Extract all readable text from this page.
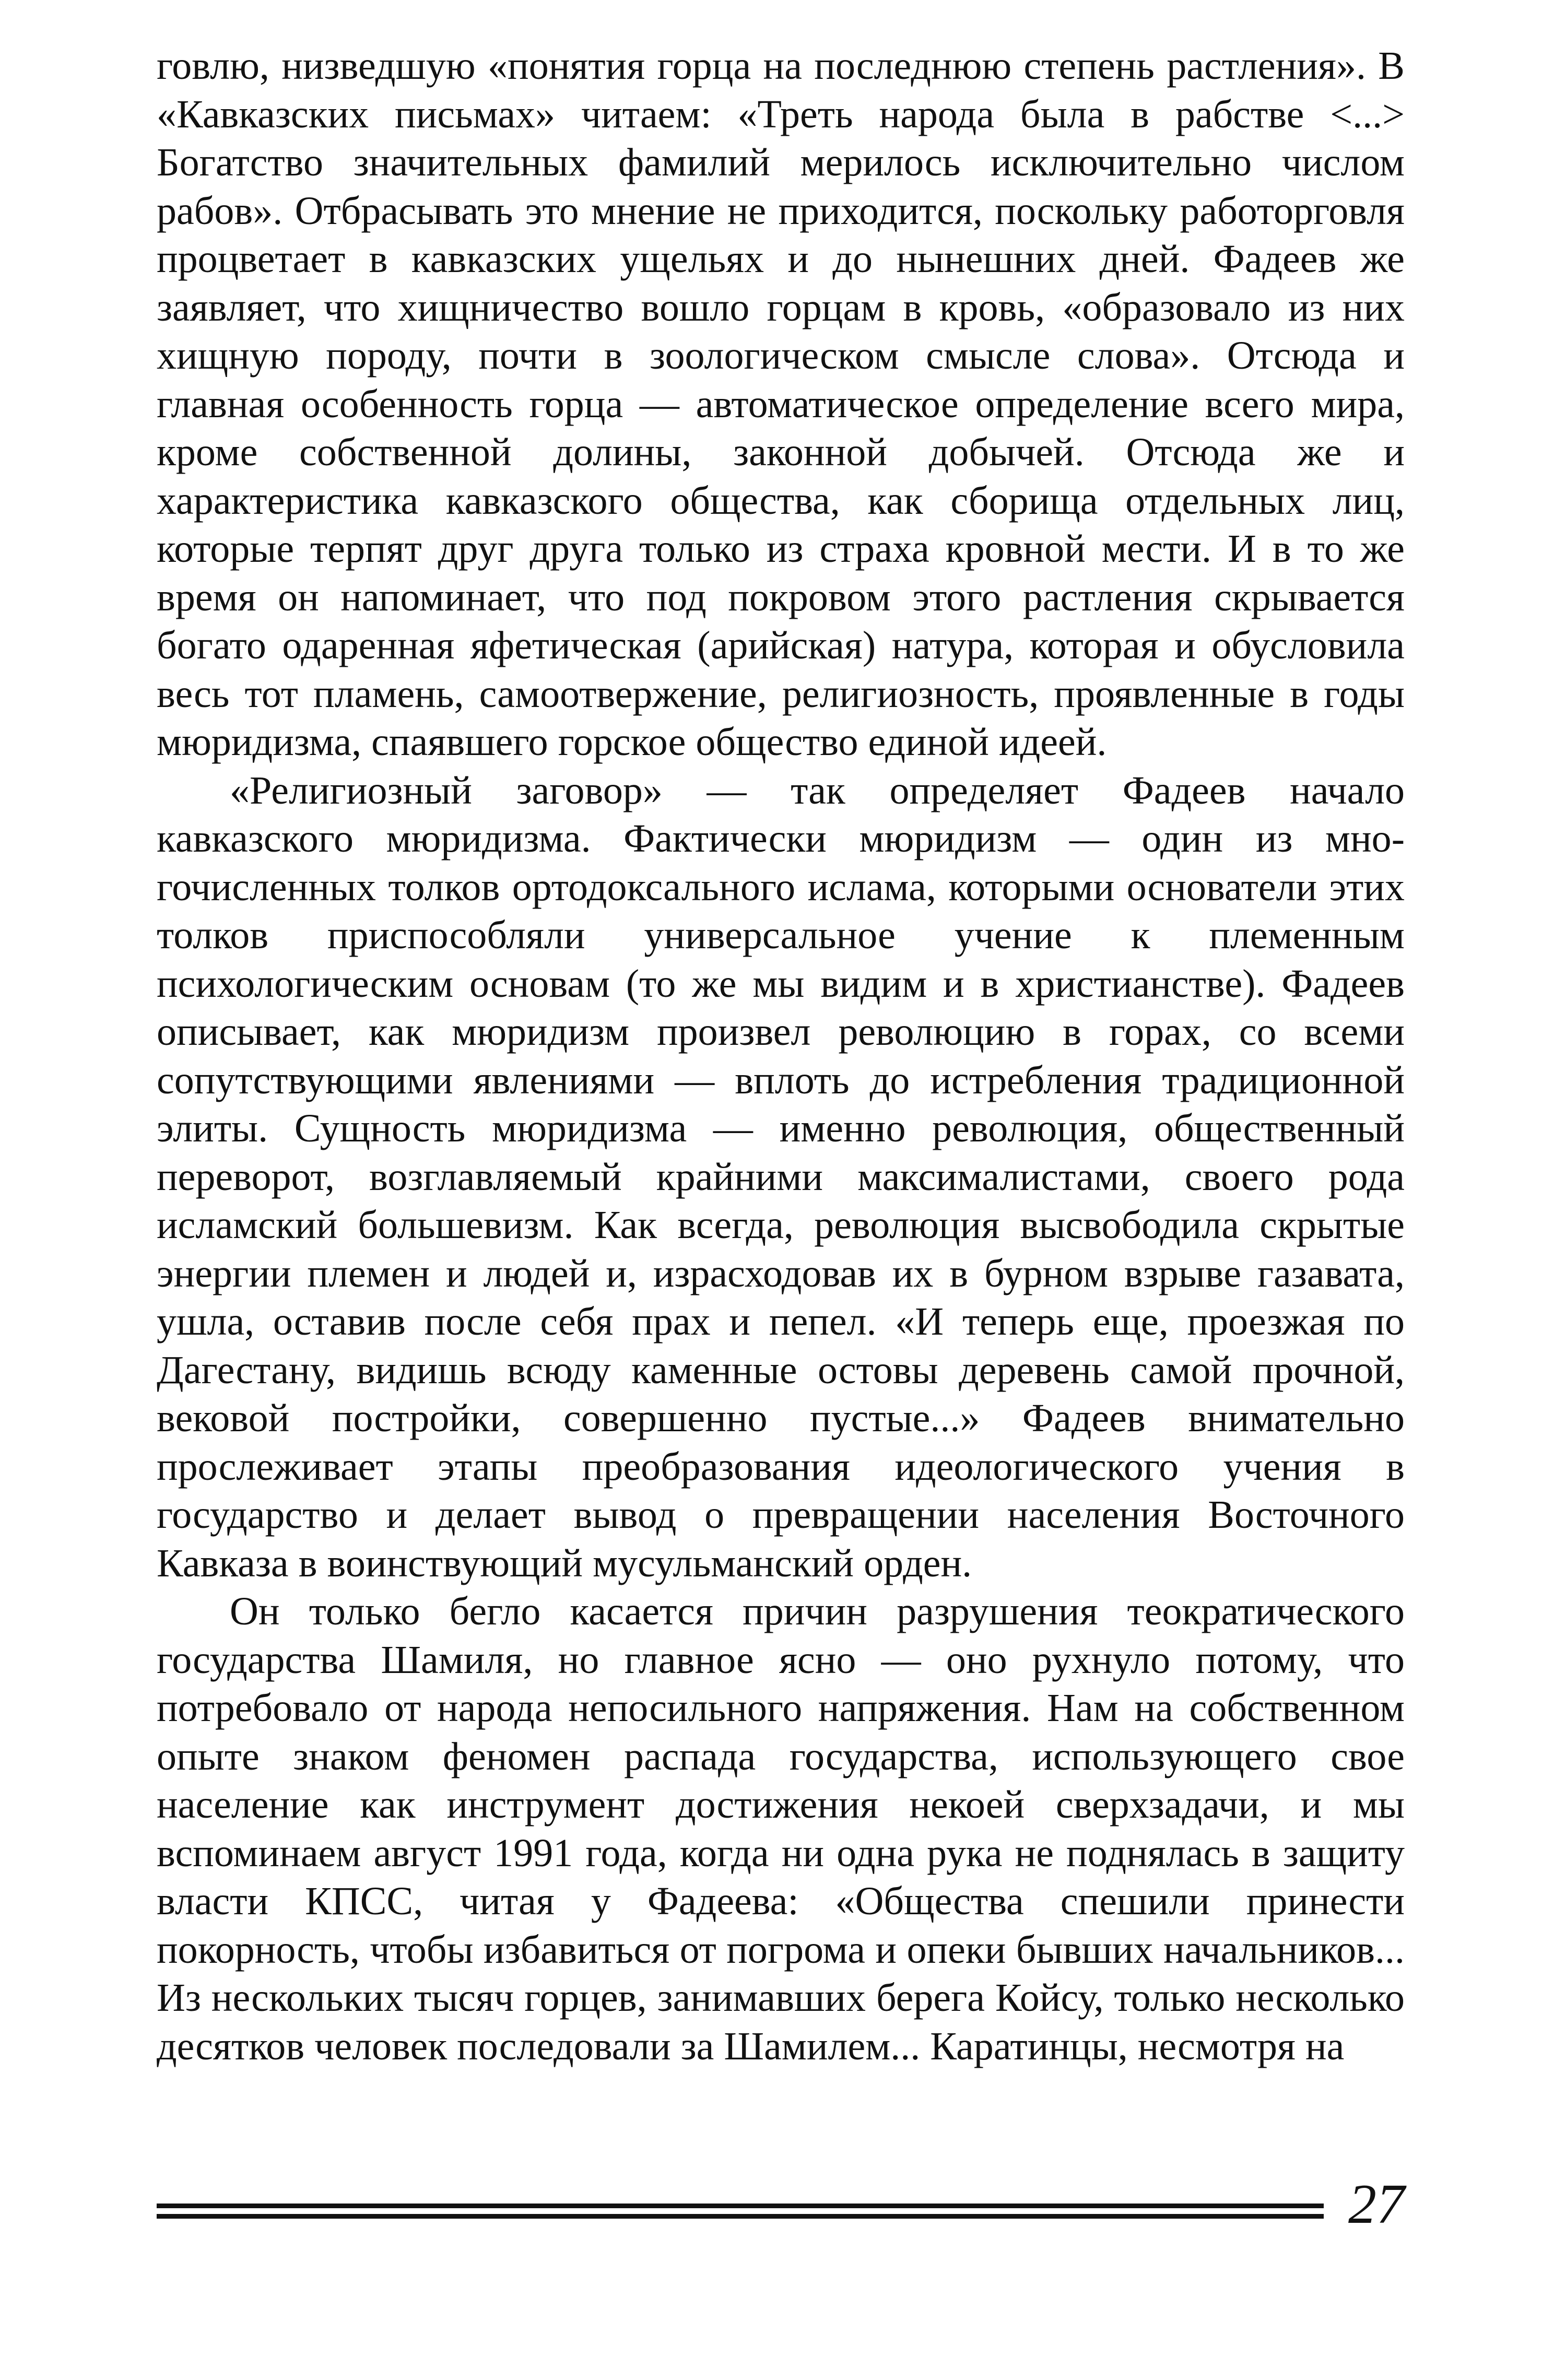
говлю, низведшую «понятия горца на последнюю степень растления». В «Кавказских письмах» читаем: «Треть народа была в рабстве <...> Богатство значительных фамилий мерилось исключительно числом рабов». Отбрасывать это мнение не приходится, поскольку работорговля процветает в кавказских ущельях и до нынешних дней. Фадеев же заявляет, что хищничество вошло горцам в кровь, «образовало из них хищную породу, почти в зоологическом смысле слова». Отсюда и главная особенность горца — автоматическое определение всего мира, кроме собственной долины, законной добычей. Отсюда же и характеристика кавказского общества, как сборища отдельных лиц, которые терпят друг друга только из страха кровной мести. И в то же время он напоминает, что под покровом этого растления скрывается богато одаренная яфетическая (арийская) натура, которая и обусловила весь тот пламень, самоотвержение, религиозность, проявленные в годы мюридизма, спаявшего горское общество единой идеей.

«Религиозный заговор» — так определяет Фадеев начало кавказского мюридизма. Фактически мюридизм — один из многочисленных толков ортодоксального ислама, которыми основатели этих толков приспособляли универсальное учение к племенным психологическим основам (то же мы видим и в христианстве). Фадеев описывает, как мюридизм произвел революцию в горах, со всеми сопутствующими явлениями — вплоть до истребления традиционной элиты. Сущность мюридизма — именно революция, общественный переворот, возглавляемый крайними максималистами, своего рода исламский большевизм. Как всегда, революция высвободила скрытые энергии племен и людей и, израсходовав их в бурном взрыве газавата, ушла, оставив после себя прах и пепел. «И теперь еще, проезжая по Дагестану, видишь всюду каменные остовы деревень самой прочной, вековой постройки, совершенно пустые...» Фадеев внимательно прослеживает этапы преобразования идеологического учения в государство и делает вывод о превращении населения Восточного Кавказа в воинствующий мусульманский орден.

Он только бегло касается причин разрушения теократического государства Шамиля, но главное ясно — оно рухнуло потому, что потребовало от народа непосильного напряжения. Нам на собственном опыте знаком феномен распада государства, использующего свое население как инструмент достижения некоей сверхзадачи, и мы вспоминаем август 1991 года, когда ни одна рука не поднялась в защиту власти КПСС, читая у Фадеева: «Общества спешили принести покорность, чтобы избавиться от погрома и опеки бывших начальников... Из нескольких тысяч горцев, занимавших берега Койсу, только несколько десятков человек последовали за Шамилем... Каратинцы, несмотря на

27
